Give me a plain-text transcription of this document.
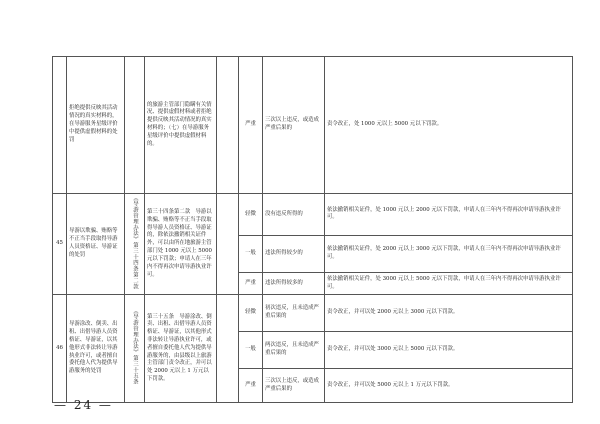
	拒绝提供反映其活动情况的真实材料的，在导游服务星级评价中提供虚假材料的处罚		的旅游主管部门隐瞒有关情况、提供虚假材料或者拒绝提供反映其活动情况的真实材料的；（七）在导游服务星级评价中提供虚假材料的。		严重	三次以上违反，或造成严重后果的	责令改正，处 1000 元以上 5000 元以下罚款。
45	导游以欺骗、贿赂等不正当手段取得导游人员资格证、导游证的处罚	《导游管理办法》第三十四条第二款	第三十四条第二款　导游以欺骗、贿赂等不正当手段取得导游人员资格证、导游证的，除依法撤销相关证件外，可以由所在地旅游主管部门处 1000 元以上 5000 元以下罚款；申请人在三年内不得再次申请导游执业许可。		轻微	没有违反所得的	依法撤销相关证件，处 1000 元以上 2000 元以下罚款，申请人在三年内不得再次申请导游执业许可。
					一般	违法所得较少的	依法撤销相关证件，处 2000 元以上 3000 元以下罚款，申请人在三年内不得再次申请导游执业许可。
					严重	违法所得较多的	依法撤销相关证件，处 3000 元以上 5000 元以下罚款，申请人在三年内不得再次申请导游执业许可。
46	导游涂改、倒卖、出租、出借导游人员资格证、导游证，以其他形式非法转让导游执业许可，或者擅自委托他人代为提供导游服务的处罚	《导游管理办法》第三十五条	第三十五条　导游涂改、倒卖、出租、出借导游人员资格证、导游证，以其他形式非法转让导游执业许可，或者擅自委托他人代为提供导游服务的，由县级以上旅游主管部门责令改正，并可以处 2000 元以上 1 万元以下罚款。		轻微	初次违反，且未造成严重后果的	责令改正，并可以处 2000 元以上 3000 元以下罚款。
					一般	两次违反，且未造成严重后果的	责令改正，并可以处 3000 元以上 5000 元以下罚款。
					严重	三次以上违反，或造成严重后果的	责令改正，并可以处 5000 元以上 1 万元以下罚款。
— 24 —
